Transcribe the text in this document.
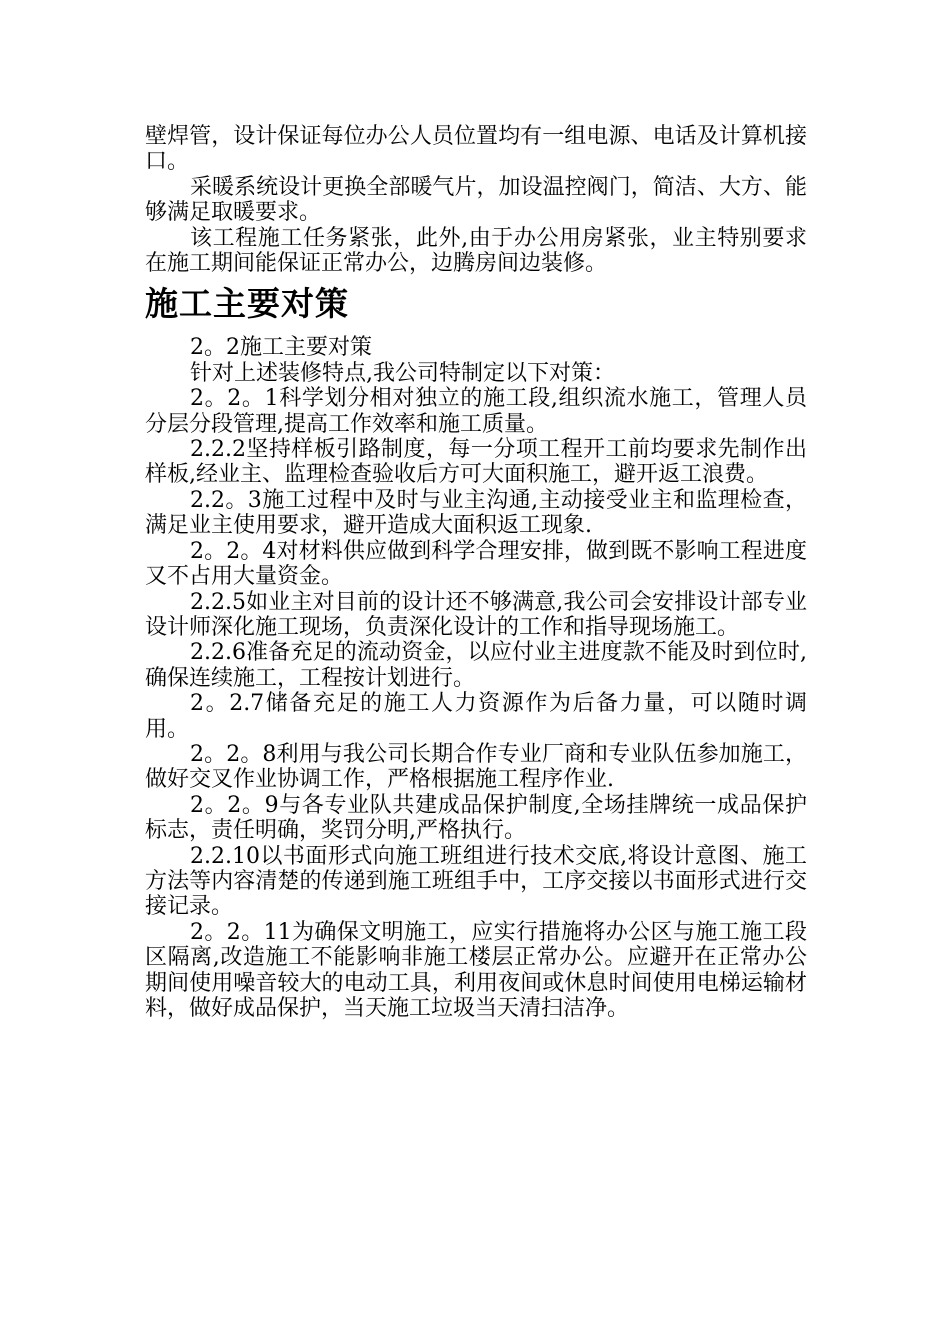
壁焊管，设计保证每位办公人员位置均有一组电源、电话及计算机接口。

采暖系统设计更换全部暖气片，加设温控阀门，简洁、大方、能够满足取暖要求。

该工程施工任务紧张，此外,由于办公用房紧张，业主特别要求在施工期间能保证正常办公，边腾房间边装修。

施工主要对策

2。2施工主要对策

针对上述装修特点,我公司特制定以下对策：

2。2。1科学划分相对独立的施工段,组织流水施工，管理人员分层分段管理,提高工作效率和施工质量。

2.2.2坚持样板引路制度，每一分项工程开工前均要求先制作出样板,经业主、监理检查验收后方可大面积施工，避开返工浪费。

2.2。3施工过程中及时与业主沟通,主动接受业主和监理检查，满足业主使用要求，避开造成大面积返工现象.

2。2。4对材料供应做到科学合理安排，做到既不影响工程进度又不占用大量资金。

2.2.5如业主对目前的设计还不够满意,我公司会安排设计部专业设计师深化施工现场，负责深化设计的工作和指导现场施工。

2.2.6准备充足的流动资金，以应付业主进度款不能及时到位时,确保连续施工，工程按计划进行。

2。2.7储备充足的施工人力资源作为后备力量，可以随时调用。

2。2。8利用与我公司长期合作专业厂商和专业队伍参加施工，做好交叉作业协调工作，严格根据施工程序作业.

2。2。9与各专业队共建成品保护制度,全场挂牌统一成品保护标志，责任明确，奖罚分明,严格执行。

2.2.10以书面形式向施工班组进行技术交底,将设计意图、施工方法等内容清楚的传递到施工班组手中，工序交接以书面形式进行交接记录。

2。2。11为确保文明施工，应实行措施将办公区与施工施工段区隔离,改造施工不能影响非施工楼层正常办公。应避开在正常办公期间使用噪音较大的电动工具，利用夜间或休息时间使用电梯运输材料，做好成品保护，当天施工垃圾当天清扫洁净。
